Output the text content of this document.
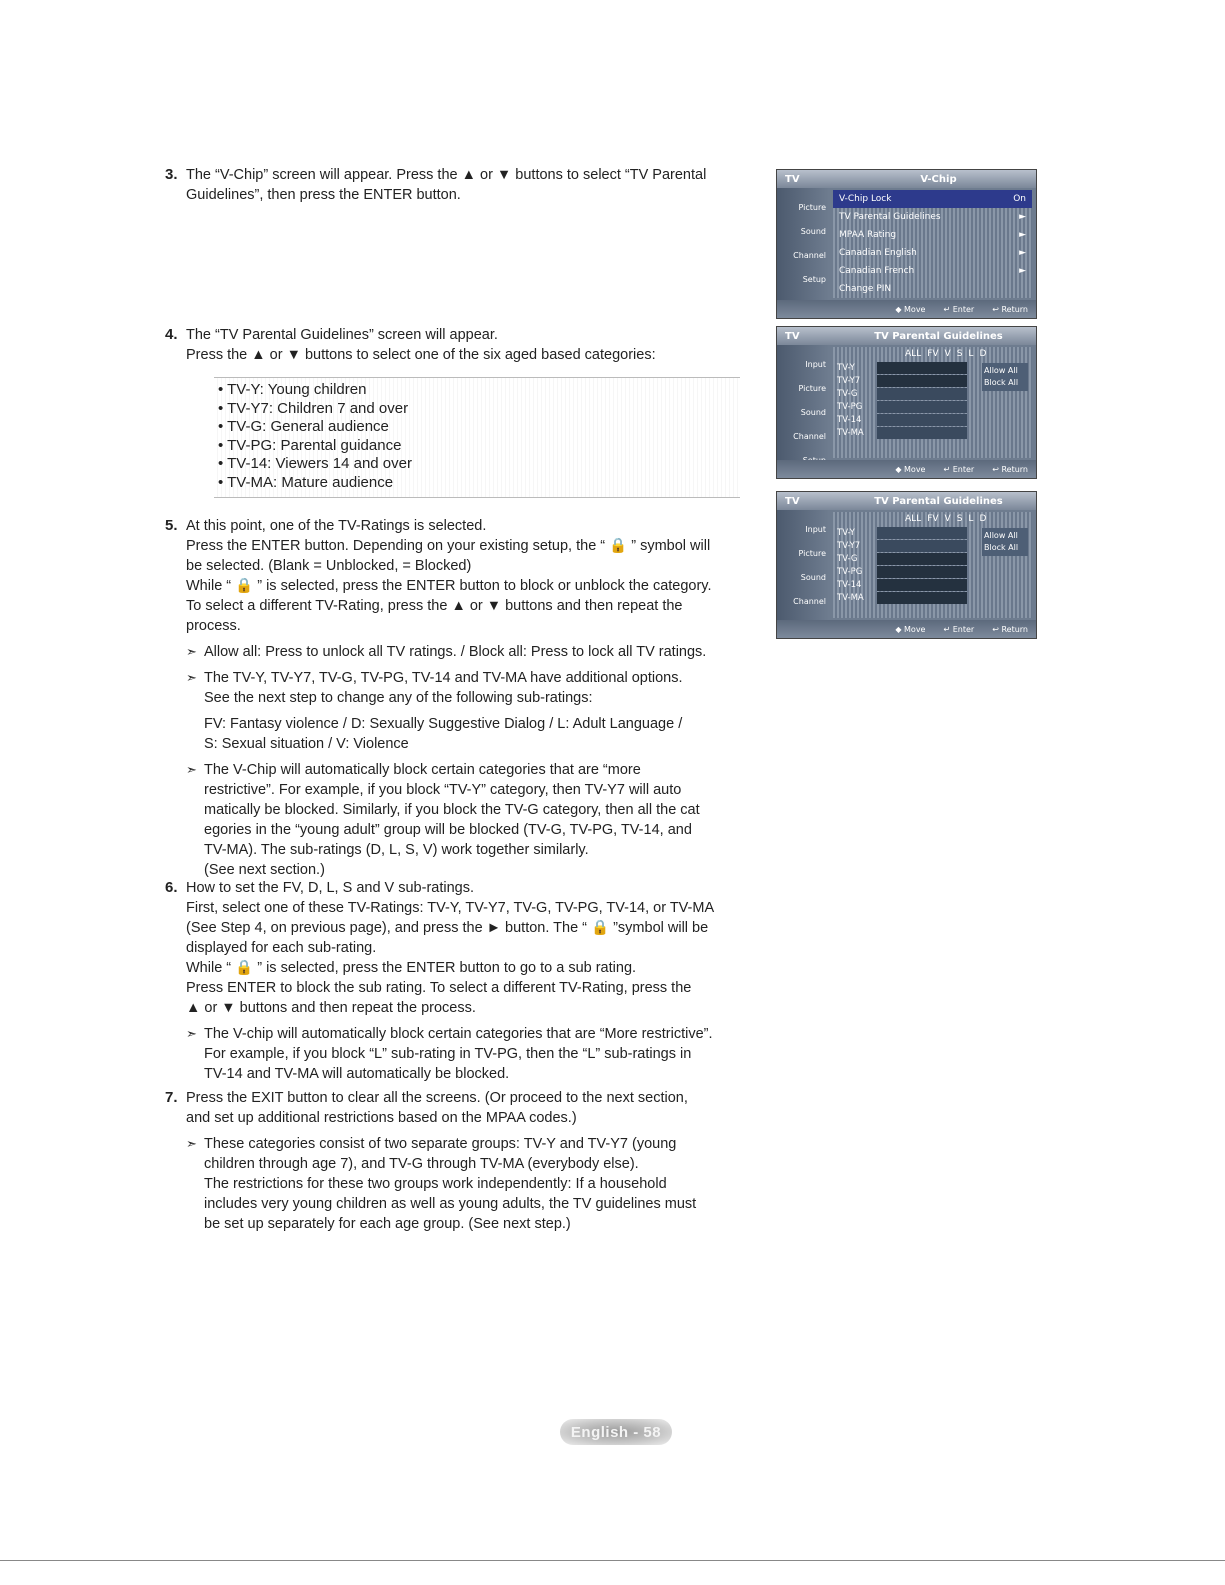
3. The “V-Chip” screen will appear. Press the ▲ or ▼ buttons to select “TV Parental

Guidelines”, then press the ENTER button.

4. The “TV Parental Guidelines” screen will appear.

Press the ▲ or ▼ buttons to select one of the six aged based categories:

• TV-Y: Young children
• TV-Y7: Children 7 and over
• TV-G: General audience
• TV-PG: Parental guidance
• TV-14: Viewers 14 and over
• TV-MA: Mature audience
5. At this point, one of the TV-Ratings is selected.

Press the ENTER button. Depending on your existing setup, the “ 🔒 ” symbol will

be selected. (Blank = Unblocked, = Blocked)

While “ 🔒 ” is selected, press the ENTER button to block or unblock the category.

To select a different TV-Rating, press the ▲ or ▼ buttons and then repeat the

process.

➣ Allow all: Press to unlock all TV ratings. / Block all: Press to lock all TV ratings.

➣ The TV-Y, TV-Y7, TV-G, TV-PG, TV-14 and TV-MA have additional options.

See the next step to change any of the following sub-ratings:

FV: Fantasy violence / D: Sexually Suggestive Dialog / L: Adult Language /

S: Sexual situation / V: Violence

➣ The V-Chip will automatically block certain categories that are “more

restrictive”. For example, if you block “TV-Y” category, then TV-Y7 will auto

matically be blocked. Similarly, if you block the TV-G category, then all the cat

egories in the “young adult” group will be blocked (TV-G, TV-PG, TV-14, and

TV-MA). The sub-ratings (D, L, S, V) work together similarly.

(See next section.)

6. How to set the FV, D, L, S and V sub-ratings.

First, select one of these TV-Ratings: TV-Y, TV-Y7, TV-G, TV-PG, TV-14, or TV-MA

(See Step 4, on previous page), and press the ► button. The “ 🔒 ”symbol will be

displayed for each sub-rating.

While “ 🔒 ” is selected, press the ENTER button to go to a sub rating.

Press ENTER to block the sub rating. To select a different TV-Rating, press the

▲ or ▼ buttons and then repeat the process.

➣ The V-chip will automatically block certain categories that are “More restrictive”.

For example, if you block “L” sub-rating in TV-PG, then the “L” sub-ratings in

TV-14 and TV-MA will automatically be blocked.

7. Press the EXIT button to clear all the screens. (Or proceed to the next section,

and set up additional restrictions based on the MPAA codes.)

➣ These categories consist of two separate groups: TV-Y and TV-Y7 (young

children through age 7), and TV-G through TV-MA (everybody else).

The restrictions for these two groups work independently: If a household

includes very young children as well as young adults, the TV guidelines must

be set up separately for each age group. (See next step.)

TV	V-Chip
Picture
Sound
Channel
Setup
V-Chip Lock	On
TV Parental Guidelines	►
MPAA Rating	►
Canadian English	►
Canadian French	►
Change PIN
◆ Move ↵ Enter ↩ Return
TV	TV Parental Guidelines
Input
Picture
Sound
Channel
ALL FV V S L D
TV-Y
TV-Y7
TV-G
TV-PG
TV-14
TV-MA
Allow All
Block All
◆ Move ↵ Enter ↩ Return
TV	TV Parental Guidelines
Input
Picture
Sound
Channel
ALL FV V S L D
TV-Y
TV-Y7
TV-G
TV-PG
TV-14
TV-MA
Allow All
Block All
◆ Move ↵ Enter ↩ Return
English - 58
